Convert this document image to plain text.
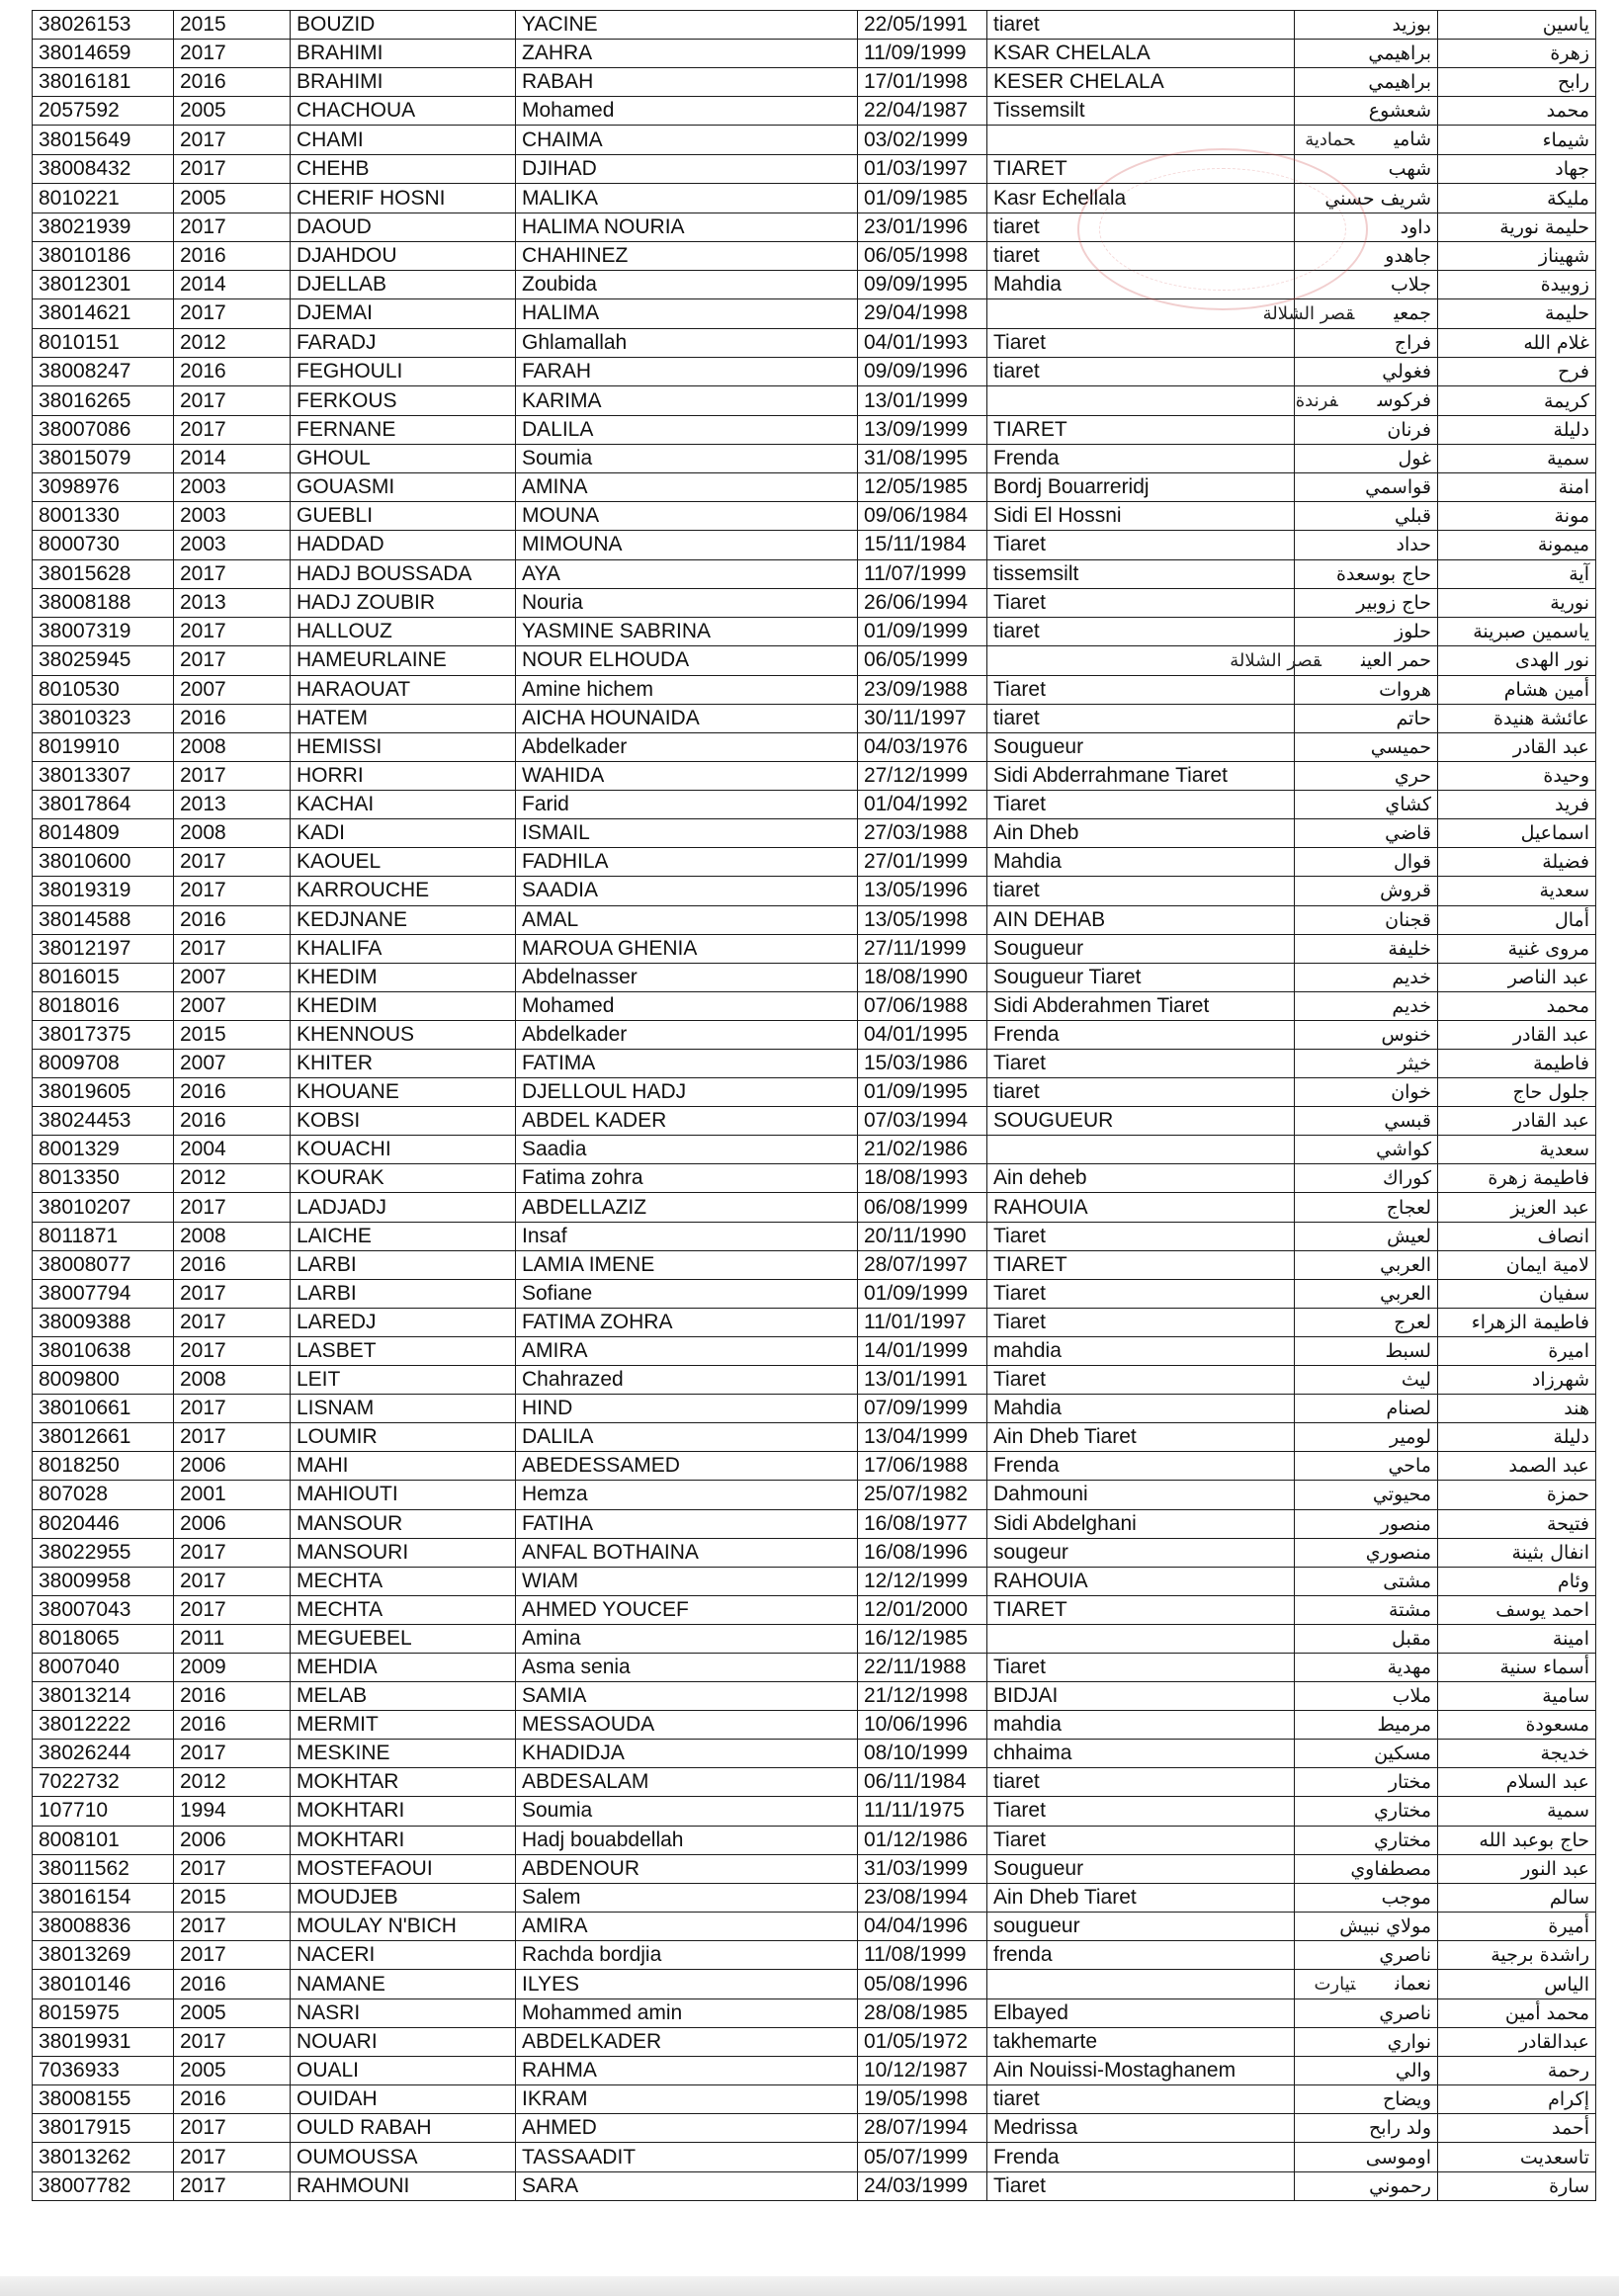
38026153	2015	BOUZID	YACINE	22/05/1991	tiaret	بوزيد	ياسين
38014659	2017	BRAHIMI	ZAHRA	11/09/1999	KSAR CHELALA	براهيمي	زهرة
38016181	2016	BRAHIMI	RABAH	17/01/1998	KESER CHELALA	براهيمي	رابح
2057592	2005	CHACHOUA	Mohamed	22/04/1987	Tissemsilt	شعشوع	محمد
38015649	2017	CHAMI	CHAIMA	03/02/1999		شاميحمادية	شيماء
38008432	2017	CHEHB	DJIHAD	01/03/1997	TIARET	شهب	جهاد
8010221	2005	CHERIF HOSNI	MALIKA	01/09/1985	Kasr Echellala	شريف حسني	مليكة
38021939	2017	DAOUD	HALIMA NOURIA	23/01/1996	tiaret	داود	حليمة نورية
38010186	2016	DJAHDOU	CHAHINEZ	06/05/1998	tiaret	جاهدو	شهيناز
38012301	2014	DJELLAB	Zoubida	09/09/1995	Mahdia	جلاب	زوبيدة
38014621	2017	DJEMAI	HALIMA	29/04/1998		جمعيقصر الشلالة	حليمة
8010151	2012	FARADJ	Ghlamallah	04/01/1993	Tiaret	فراج	غلام الله
38008247	2016	FEGHOULI	FARAH	09/09/1996	tiaret	فغولي	فرح
38016265	2017	FERKOUS	KARIMA	13/01/1999		فركوسفرندة	كريمة
38007086	2017	FERNANE	DALILA	13/09/1999	TIARET	فرنان	دليلة
38015079	2014	GHOUL	Soumia	31/08/1995	Frenda	غول	سمية
3098976	2003	GOUASMI	AMINA	12/05/1985	Bordj Bouarreridj	قواسمي	امنة
8001330	2003	GUEBLI	MOUNA	09/06/1984	Sidi El Hossni	قبلي	مونة
8000730	2003	HADDAD	MIMOUNA	15/11/1984	Tiaret	حداد	ميمونة
38015628	2017	HADJ BOUSSADA	AYA	11/07/1999	tissemsilt	حاج بوسعدة	آية
38008188	2013	HADJ ZOUBIR	Nouria	26/06/1994	Tiaret	حاج زوبير	نورية
38007319	2017	HALLOUZ	YASMINE SABRINA	01/09/1999	tiaret	حلوز	ياسمين صبرينة
38025945	2017	HAMEURLAINE	NOUR ELHOUDA	06/05/1999		حمر العينقصر الشلالة	نور الهدى
8010530	2007	HARAOUAT	Amine hichem	23/09/1988	Tiaret	هروات	أمين هشام
38010323	2016	HATEM	AICHA HOUNAIDA	30/11/1997	tiaret	حاتم	عائشة هنيدة
8019910	2008	HEMISSI	Abdelkader	04/03/1976	Sougueur	حميسي	عبد القادر
38013307	2017	HORRI	WAHIDA	27/12/1999	Sidi Abderrahmane Tiaret	حري	وحيدة
38017864	2013	KACHAI	Farid	01/04/1992	Tiaret	كشاي	فريد
8014809	2008	KADI	ISMAIL	27/03/1988	Ain Dheb	قاضي	اسماعيل
38010600	2017	KAOUEL	FADHILA	27/01/1999	Mahdia	قوال	فضيلة
38019319	2017	KARROUCHE	SAADIA	13/05/1996	tiaret	قروش	سعدية
38014588	2016	KEDJNANE	AMAL	13/05/1998	AIN DEHAB	قجنان	أمال
38012197	2017	KHALIFA	MAROUA GHENIA	27/11/1999	Sougueur	خليفة	مروى غنية
8016015	2007	KHEDIM	Abdelnasser	18/08/1990	Sougueur Tiaret	خديم	عبد الناصر
8018016	2007	KHEDIM	Mohamed	07/06/1988	Sidi Abderahmen Tiaret	خديم	محمد
38017375	2015	KHENNOUS	Abdelkader	04/01/1995	Frenda	خنوس	عبد القادر
8009708	2007	KHITER	FATIMA	15/03/1986	Tiaret	خيثر	فاطيمة
38019605	2016	KHOUANE	DJELLOUL HADJ	01/09/1995	tiaret	خوان	جلول حاج
38024453	2016	KOBSI	ABDEL KADER	07/03/1994	SOUGUEUR	قبسي	عبد القادر
8001329	2004	KOUACHI	Saadia	21/02/1986		كواشي	سعدية
8013350	2012	KOURAK	Fatima zohra	18/08/1993	Ain deheb	كوراك	فاطيمة زهرة
38010207	2017	LADJADJ	ABDELLAZIZ	06/08/1999	RAHOUIA	لعجاج	عبد العزيز
8011871	2008	LAICHE	Insaf	20/11/1990	Tiaret	لعيش	انصاف
38008077	2016	LARBI	LAMIA IMENE	28/07/1997	TIARET	العربي	لامية ايمان
38007794	2017	LARBI	Sofiane	01/09/1999	Tiaret	العربي	سفيان
38009388	2017	LAREDJ	FATIMA ZOHRA	11/01/1997	Tiaret	لعرج	فاطيمة الزهراء
38010638	2017	LASBET	AMIRA	14/01/1999	mahdia	لسبط	اميرة
8009800	2008	LEIT	Chahrazed	13/01/1991	Tiaret	ليث	شهرزاد
38010661	2017	LISNAM	HIND	07/09/1999	Mahdia	لصنام	هند
38012661	2017	LOUMIR	DALILA	13/04/1999	Ain Dheb Tiaret	لومير	دليلة
8018250	2006	MAHI	ABEDESSAMED	17/06/1988	Frenda	ماحي	عبد الصمد
807028	2001	MAHIOUTI	Hemza	25/07/1982	Dahmouni	محيوتي	حمزة
8020446	2006	MANSOUR	FATIHA	16/08/1977	Sidi Abdelghani	منصور	فتيحة
38022955	2017	MANSOURI	ANFAL BOTHAINA	16/08/1996	sougeur	منصوري	انفال بثينة
38009958	2017	MECHTA	WIAM	12/12/1999	RAHOUIA	مشتى	وئام
38007043	2017	MECHTA	AHMED YOUCEF	12/01/2000	TIARET	مشتة	احمد يوسف
8018065	2011	MEGUEBEL	Amina	16/12/1985		مقبل	امينة
8007040	2009	MEHDIA	Asma senia	22/11/1988	Tiaret	مهدية	أسماء سنية
38013214	2016	MELAB	SAMIA	21/12/1998	BIDJAI	ملاب	سامية
38012222	2016	MERMIT	MESSAOUDA	10/06/1996	mahdia	مرميط	مسعودة
38026244	2017	MESKINE	KHADIDJA	08/10/1999	chhaima	مسكين	خديجة
7022732	2012	MOKHTAR	ABDESALAM	06/11/1984	tiaret	مختار	عبد السلام
107710	1994	MOKHTARI	Soumia	11/11/1975	Tiaret	مختاري	سمية
8008101	2006	MOKHTARI	Hadj bouabdellah	01/12/1986	Tiaret	مختاري	حاج بوعبد الله
38011562	2017	MOSTEFAOUI	ABDENOUR	31/03/1999	Sougueur	مصطفاوي	عبد النور
38016154	2015	MOUDJEB	Salem	23/08/1994	Ain Dheb Tiaret	موجب	سالم
38008836	2017	MOULAY N'BICH	AMIRA	04/04/1996	sougueur	مولاي نبيش	أميرة
38013269	2017	NACERI	Rachda bordjia	11/08/1999	frenda	ناصري	راشدة برجية
38010146	2016	NAMANE	ILYES	05/08/1996		نعمانتيارت	الياس
8015975	2005	NASRI	Mohammed amin	28/08/1985	Elbayed	ناصري	محمد أمين
38019931	2017	NOUARI	ABDELKADER	01/05/1972	takhemarte	نواري	عبدالقادر
7036933	2005	OUALI	RAHMA	10/12/1987	Ain Nouissi-Mostaghanem	والي	رحمة
38008155	2016	OUIDAH	IKRAM	19/05/1998	tiaret	ويضاح	إكرام
38017915	2017	OULD RABAH	AHMED	28/07/1994	Medrissa	ولد رابح	أحمد
38013262	2017	OUMOUSSA	TASSAADIT	05/07/1999	Frenda	اوموسى	تاسعديت
38007782	2017	RAHMOUNI	SARA	24/03/1999	Tiaret	رحموني	سارة
